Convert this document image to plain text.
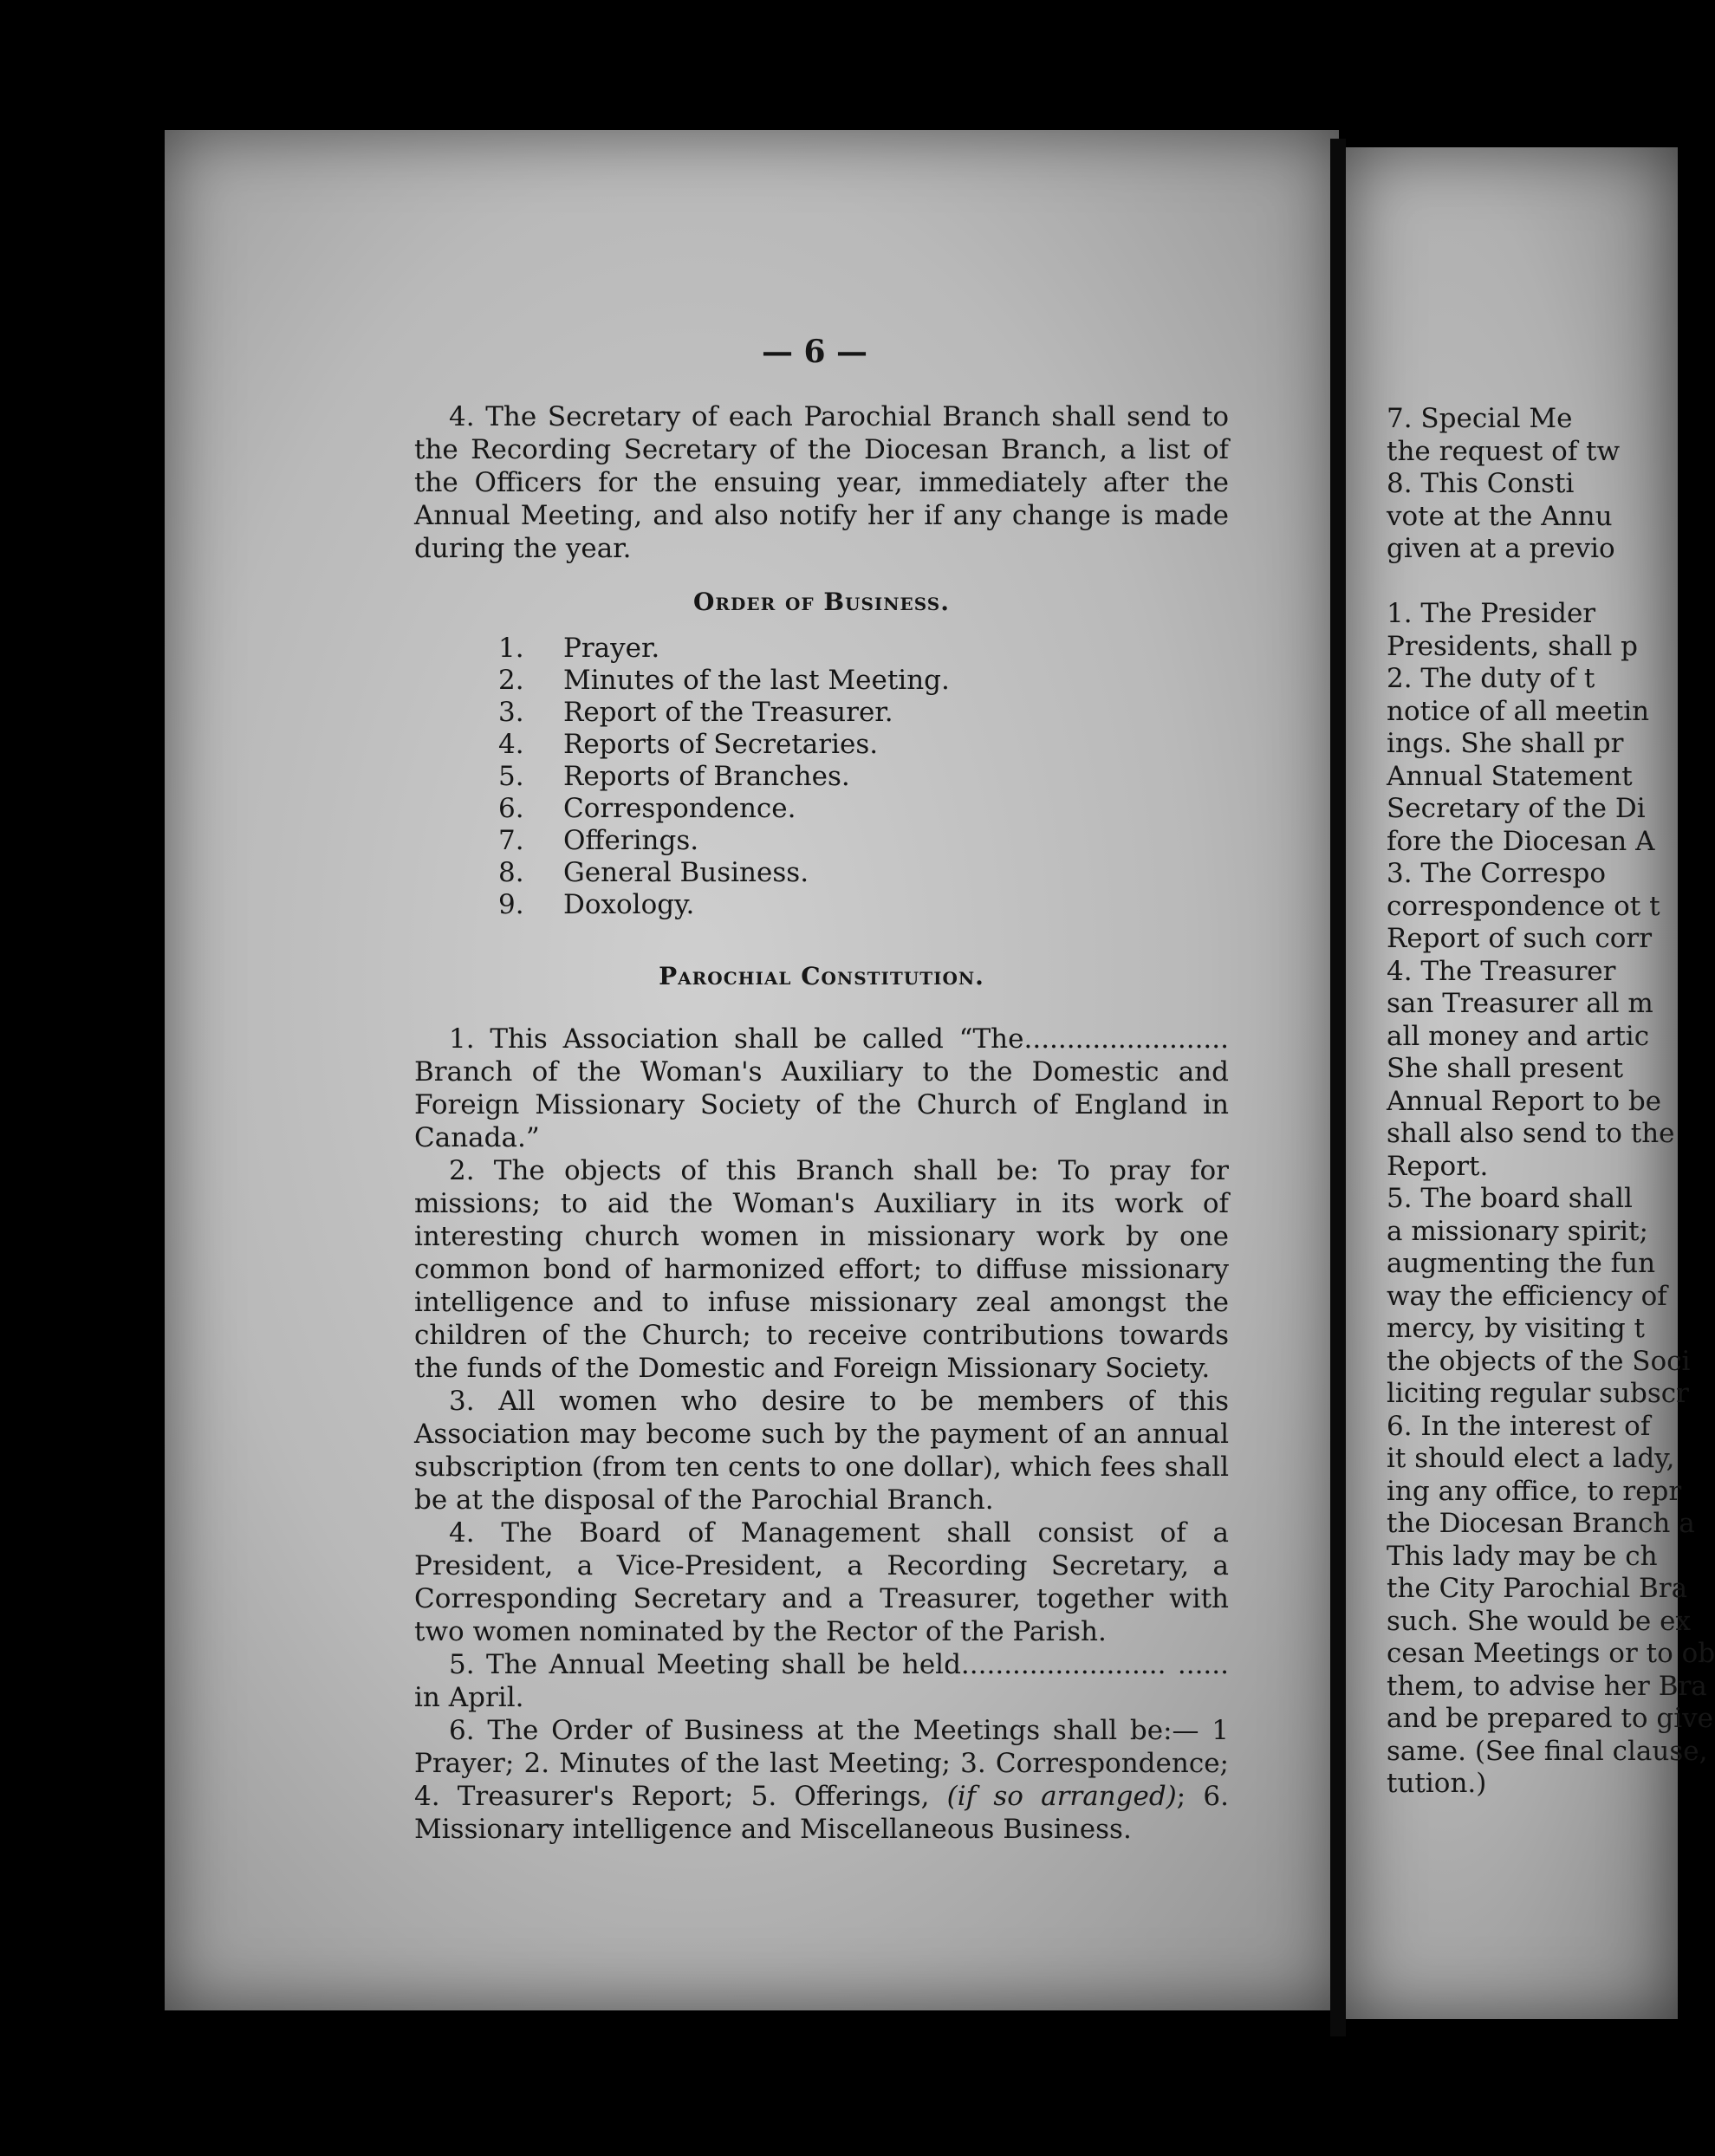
— 6 —

4. The Secretary of each Parochial Branch shall send to the Recording Secretary of the Diocesan Branch, a list of the Officers for the ensuing year, immediately after the Annual Meeting, and also notify her if any change is made during the year.

Order of Business.
1.	Prayer.
2.	Minutes of the last Meeting.
3.	Report of the Treasurer.
4.	Reports of Secretaries.
5.	Reports of Branches.
6.	Correspondence.
7.	Offerings.
8.	General Business.
9.	Doxology.
Parochial Constitution.

1. This Association shall be called “The........................ Branch of the Woman's Auxiliary to the Domestic and Foreign Missionary Society of the Church of England in Canada.”

2. The objects of this Branch shall be: To pray for missions; to aid the Woman's Auxiliary in its work of interesting church women in missionary work by one common bond of harmonized effort; to diffuse missionary intelligence and to infuse missionary zeal amongst the children of the Church; to receive contributions towards the funds of the Domestic and Foreign Missionary Society.

3. All women who desire to be members of this Association may become such by the payment of an annual subscription (from ten cents to one dollar), which fees shall be at the disposal of the Parochial Branch.

4. The Board of Management shall consist of a President, a Vice-President, a Recording Secretary, a Corresponding Secretary and a Treasurer, together with two women nominated by the Rector of the Parish.

5. The Annual Meeting shall be held........................ ...... in April.

6. The Order of Business at the Meetings shall be:— 1 Prayer; 2. Minutes of the last Meeting; 3. Correspondence; 4. Treasurer's Report; 5. Offerings, (if so arranged); 6. Missionary intelligence and Miscellaneous Business.

7. Special Me
the request of tw
8. This Consti
vote at the Annu
given at a previo

1. The Presider
Presidents, shall p
2. The duty of t
notice of all meetin
ings. She shall pr
Annual Statement
Secretary of the Di
fore the Diocesan A
3. The Correspo
correspondence ot t
Report of such corr
4. The Treasurer
san Treasurer all m
all money and artic
She shall present
Annual Report to be
shall also send to the
Report.
5. The board shall
a missionary spirit;
augmenting the fun
way the efficiency of
mercy, by visiting t
the objects of the Soci
liciting regular subscr
6. In the interest of
it should elect a lady,
ing any office, to repr
the Diocesan Branch a
This lady may be ch
the City Parochial Bra
such. She would be ex
cesan Meetings or to ob
them, to advise her Bra
and be prepared to give
same. (See final clause,
tution.)
